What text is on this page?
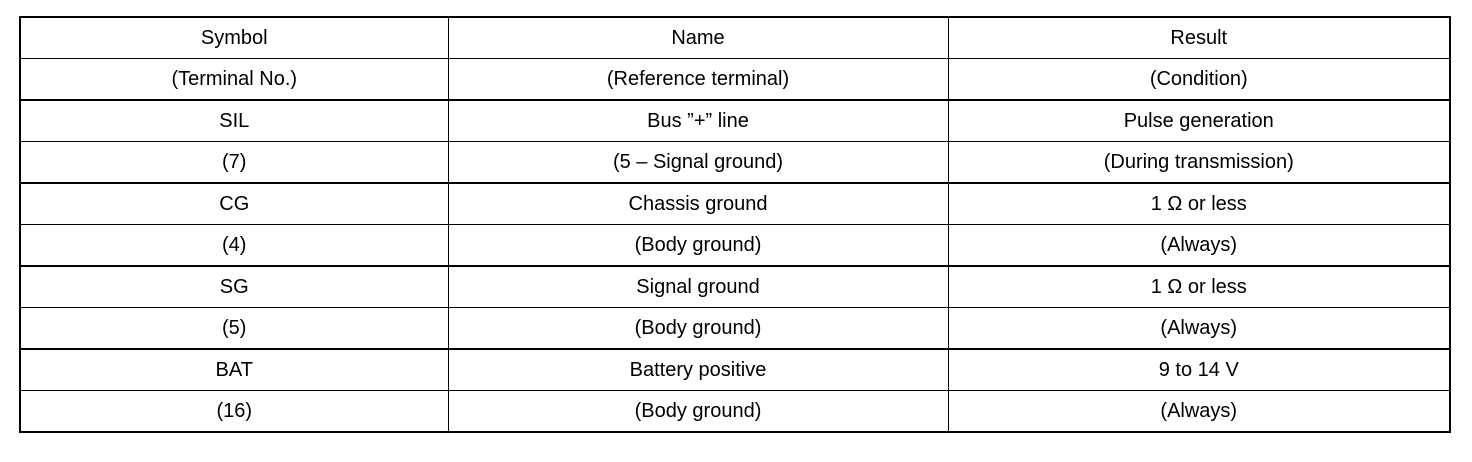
Symbol	Name	Result
(Terminal No.)	(Reference terminal)	(Condition)
SIL	Bus ”+” line	Pulse generation
(7)	(5 – Signal ground)	(During transmission)
CG	Chassis ground	1 Ω or less
(4)	(Body ground)	(Always)
SG	Signal ground	1 Ω or less
(5)	(Body ground)	(Always)
BAT	Battery positive	9 to 14 V
(16)	(Body ground)	(Always)
